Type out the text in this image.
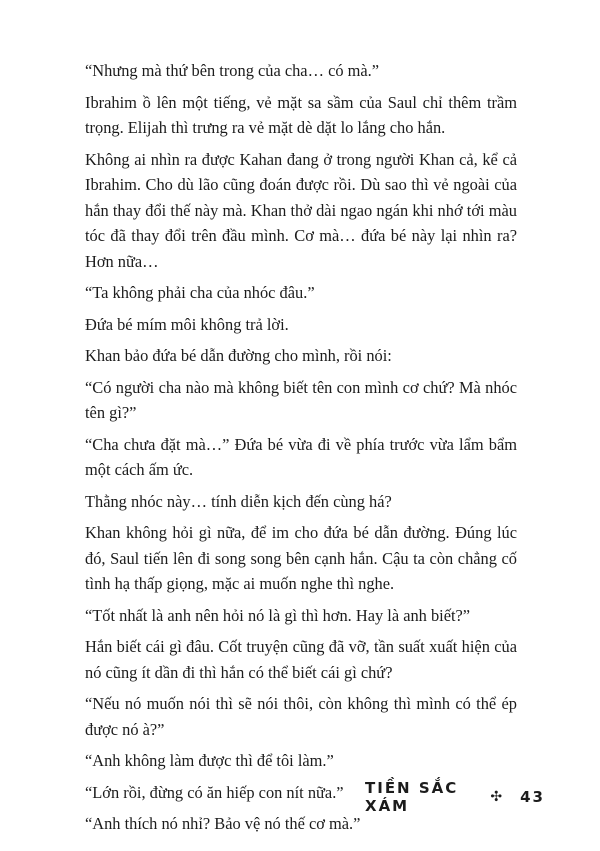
“Nhưng mà thứ bên trong của cha… có mà.”

Ibrahim ồ lên một tiếng, vẻ mặt sa sầm của Saul chỉ thêm trầm trọng. Elijah thì trưng ra vẻ mặt dè dặt lo lắng cho hắn.

Không ai nhìn ra được Kahan đang ở trong người Khan cả, kể cả Ibrahim. Cho dù lão cũng đoán được rồi. Dù sao thì vẻ ngoài của hắn thay đổi thế này mà. Khan thở dài ngao ngán khi nhớ tới màu tóc đã thay đổi trên đầu mình. Cơ mà… đứa bé này lại nhìn ra? Hơn nữa…

“Ta không phải cha của nhóc đâu.”

Đứa bé mím môi không trả lời.

Khan bảo đứa bé dẫn đường cho mình, rồi nói:

“Có người cha nào mà không biết tên con mình cơ chứ? Mà nhóc tên gì?”

“Cha chưa đặt mà…” Đứa bé vừa đi về phía trước vừa lẩm bẩm một cách ấm ức.

Thằng nhóc này… tính diễn kịch đến cùng há?

Khan không hỏi gì nữa, để im cho đứa bé dẫn đường. Đúng lúc đó, Saul tiến lên đi song song bên cạnh hắn. Cậu ta còn chẳng cố tình hạ thấp giọng, mặc ai muốn nghe thì nghe.

“Tốt nhất là anh nên hỏi nó là gì thì hơn. Hay là anh biết?”

Hắn biết cái gì đâu. Cốt truyện cũng đã vỡ, tần suất xuất hiện của nó cũng ít dần đi thì hắn có thể biết cái gì chứ?

“Nếu nó muốn nói thì sẽ nói thôi, còn không thì mình có thể ép được nó à?”

“Anh không làm được thì để tôi làm.”

“Lớn rồi, đừng có ăn hiếp con nít nữa.”

“Anh thích nó nhỉ? Bảo vệ nó thế cơ mà.”

TIỀN SẮC XÁM	✣ 43
